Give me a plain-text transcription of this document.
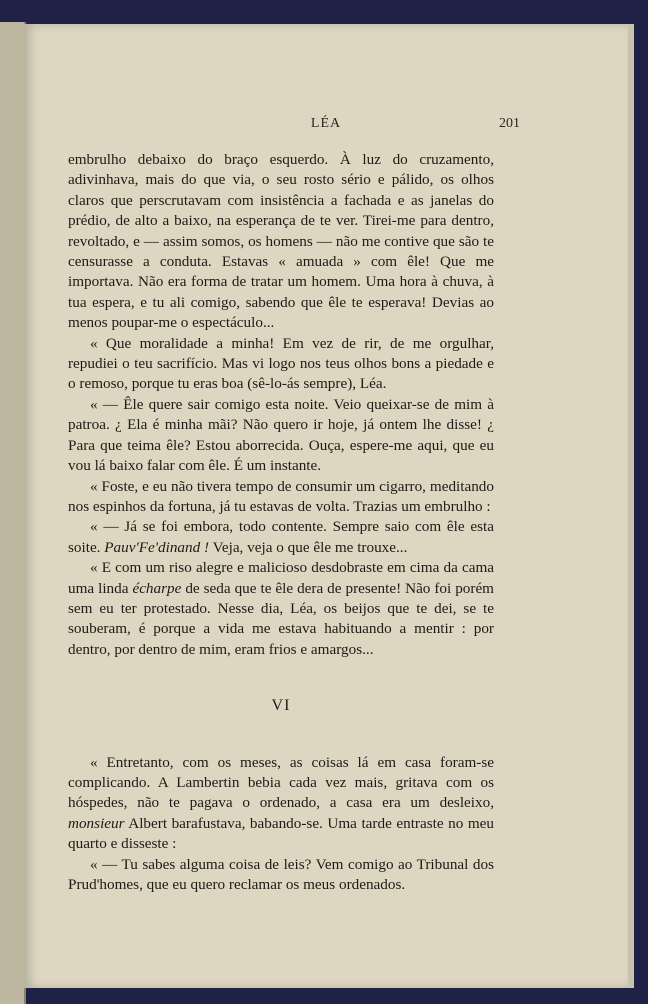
LÉA	201

embrulho debaixo do braço esquerdo. À luz do cruzamento, adivinhava, mais do que via, o seu rosto sério e pálido, os olhos claros que perscrutavam com insistência a fachada e as janelas do prédio, de alto a baixo, na esperança de te ver. Tirei-me para dentro, revoltado, e — assim somos, os homens — não me contive que são te censurasse a conduta. Estavas « amuada » com êle! Que me importava. Não era forma de tratar um homem. Uma hora à chuva, à tua espera, e tu ali comigo, sabendo que êle te esperava! Devias ao menos poupar-me o espectáculo...

« Que moralidade a minha! Em vez de rir, de me orgulhar, repudiei o teu sacrifício. Mas vi logo nos teus olhos bons a piedade e o remoso, porque tu eras boa (sê-lo-ás sempre), Léa.

« — Êle quere sair comigo esta noite. Veio queixar-se de mim à patroa. ¿ Ela é minha mãi? Não quero ir hoje, já ontem lhe disse! ¿ Para que teima êle? Estou aborrecida. Ouça, espere-me aqui, que eu vou lá baixo falar com êle. É um instante.

« Foste, e eu não tivera tempo de consumir um cigarro, meditando nos espinhos da fortuna, já tu estavas de volta. Trazias um embrulho :

« — Já se foi embora, todo contente. Sempre saio com êle esta soite. Pauv'Fe'dinand ! Veja, veja o que êle me trouxe...

« E com um riso alegre e malicioso desdobraste em cima da cama uma linda écharpe de seda que te êle dera de presente! Não foi porém sem eu ter protestado. Nesse dia, Léa, os beijos que te dei, se te souberam, é porque a vida me estava habituando a mentir : por dentro, por dentro de mim, eram frios e amargos...

VI

« Entretanto, com os meses, as coisas lá em casa foram-se complicando. A Lambertin bebia cada vez mais, gritava com os hóspedes, não te pagava o ordenado, a casa era um desleixo, monsieur Albert barafustava, babando-se. Uma tarde entraste no meu quarto e disseste :

« — Tu sabes alguma coisa de leis? Vem comigo ao Tribunal dos Prud'homes, que eu quero reclamar os meus ordenados.
